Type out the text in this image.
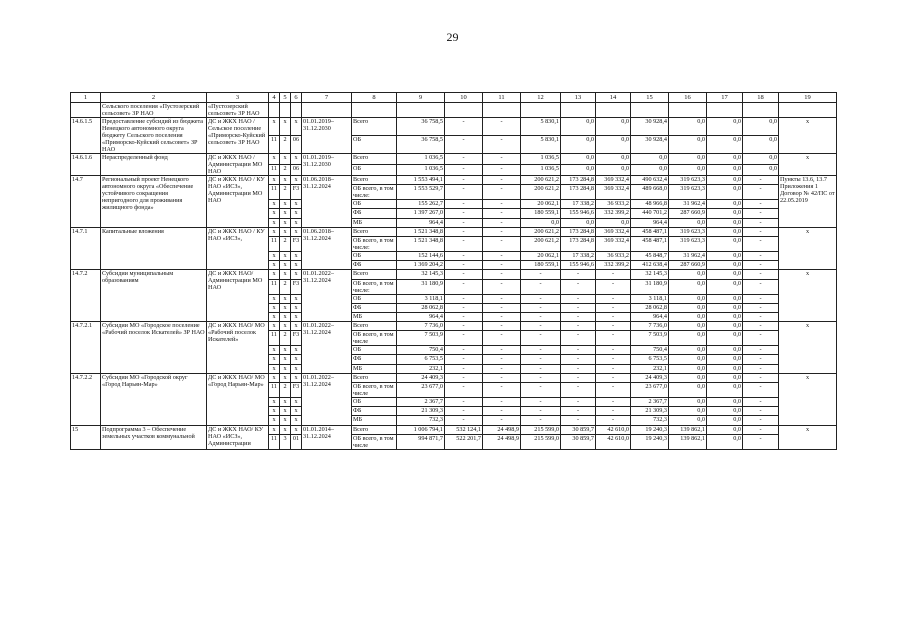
29
1	2	3	4	5	6	7	8	9	10	11	12	13	14	15	16	17	18	19
	Сельского поселения «Пустозерский сельсовет» ЗР НАО	«Пустозерский сельсовет» ЗР НАО																
14.6.1.5	Предоставление субсидий из бюджета Ненецкого автономного округа бюджету Сельского поселения «Приморско-Куйский сельсовет» ЗР НАО	ДС и ЖКХ НАО / Сельское поселение «Приморско-Куйский сельсовет» ЗР НАО	х	х	х	01.01.2019– 31.12.2030	Всего	36 758,5	-	-	5 830,1	0,0	0,0	30 928,4	0,0	0,0	0,0	х
			11	2	06		ОБ	36 758,5	-	-	5 830,1	0,0	0,0	30 928,4	0,0	0,0	0,0	
14.6.1.6	Нераспределенный фонд	ДС и ЖКХ НАО / Администрации МО НАО	х	х	х	01.01.2019– 31.12.2030	Всего	1 036,5	-	-	1 036,5	0,0	0,0	0,0	0,0	0,0	0,0	х
			11	2	06		ОБ	1 036,5	-	-	1 036,5	0,0	0,0	0,0	0,0	0,0	0,0	
14.7	Региональный проект Ненецкого автономного округа «Обеспечение устойчивого сокращения непригодного для проживания жилищного фонда»	ДС и ЖКХ НАО / КУ НАО «ИСЗ», Администрации МО НАО	х	х	х	01.06.2018– 31.12.2024	Всего	1 553 494,1	-	-	200 621,2	173 284,8	369 332,4	490 632,4	319 623,3	0,0	-	Пункты 13.6, 13.7 Приложения 1 Договор № 42/ПС от 22.05.2019
			11	2	F3		ОБ всего, в том числе:	1 553 529,7	-	-	200 621,2	173 284,8	369 332,4	489 668,0	319 623,3	0,0	-	
			х	х	х		ОБ	155 262,7	-	-	20 062,1	17 338,2	36 933,2	48 966,8	31 962,4	0,0	-	
			х	х	х		ФБ	1 397 267,0	-	-	180 559,1	155 946,6	332 399,2	440 701,2	287 660,9	0,0	-	
			х	х	х		МБ	964,4	-	-	0,0	0,0	0,0	964,4	0,0	0,0	-	
14.7.1	Капитальные вложения	ДС и ЖКХ НАО / КУ НАО «ИСЗ»,	х	х	х	01.06.2018– 31.12.2024	Всего	1 521 348,8	-	-	200 621,2	173 284,8	369 332,4	458 487,1	319 623,3	0,0	-	х
			11	2	F3		ОБ всего, в том числе:	1 521 348,8	-	-	200 621,2	173 284,8	369 332,4	458 487,1	319 623,3	0,0	-	
			х	х	х		ОБ	152 144,6	-	-	20 062,1	17 338,2	36 933,2	45 848,7	31 962,4	0,0	-	
			х	х	х		ФБ	1 369 204,2	-	-	180 559,1	155 946,6	332 399,2	412 638,4	287 660,9	0,0	-	
14.7.2	Субсидии муниципальным образованиям	ДС и ЖКХ НАО/ Администрации МО НАО	х	х	х	01.01.2022– 31.12.2024	Всего	32 145,3	-	-	-	-	-	32 145,3	0,0	0,0	-	х
			11	2	F3		ОБ всего, в том числе:	31 180,9	-	-	-	-	-	31 180,9	0,0	0,0	-	
			х	х	х		ОБ	3 118,1	-	-	-	-	-	3 118,1	0,0	0,0	-	
			х	х	х		ФБ	28 062,8	-	-	-	-	-	28 062,8	0,0	0,0	-	
			х	х	х		МБ	964,4	-	-	-	-	-	964,4	0,0	0,0	-	
14.7.2.1	Субсидии МО «Городское поселение «Рабочий поселок Искателей» ЗР НАО	ДС и ЖКХ НАО/ МО «Рабочий поселок Искателей»	х	х	х	01.01.2022– 31.12.2024	Всего	7 736,0	-	-	-	-	-	7 736,0	0,0	0,0	-	х
			11	2	F3		ОБ всего, в том числе	7 503,9	-	-	-	-	-	7 503,9	0,0	0,0	-	
			х	х	х		ОБ	750,4	-	-	-	-	-	750,4	0,0	0,0	-	
			х	х	х		ФБ	6 753,5	-	-	-	-	-	6 753,5	0,0	0,0	-	
			х	х	х		МБ	232,1	-	-	-	-	-	232,1	0,0	0,0	-	
14.7.2.2	Субсидии МО «Городской округ «Город Нарьян-Мар»	ДС и ЖКХ НАО/ МО «Город Нарьян-Мар»	х	х	х	01.01.2022– 31.12.2024	Всего	24 409,3	-	-	-	-	-	24 409,3	0,0	0,0	-	х
			11	2	F3		ОБ всего, в том числе	23 677,0	-	-	-	-	-	23 677,0	0,0	0,0	-	
			х	х	х		ОБ	2 367,7	-	-	-	-	-	2 367,7	0,0	0,0	-	
			х	х	х		ФБ	21 309,3	-	-	-	-	-	21 309,3	0,0	0,0	-	
			х	х	х		МБ	732,3	-	-	-	-	-	732,3	0,0	0,0	-	
15	Подпрограмма 3 – Обеспечение земельных участков коммунальной	ДС и ЖКХ НАО/ КУ НАО «ИСЗ», Администрации	х	х	х	01.01.2014– 31.12.2024	Всего	1 006 794,1	532 124,1	24 498,9	215 599,0	30 859,7	42 610,0	19 240,3	139 862,1	0,0	-	х
			11	3	01		ОБ всего, в том числе	994 871,7	522 201,7	24 498,9	215 599,0	30 859,7	42 610,0	19 240,3	139 862,1	0,0	-	
